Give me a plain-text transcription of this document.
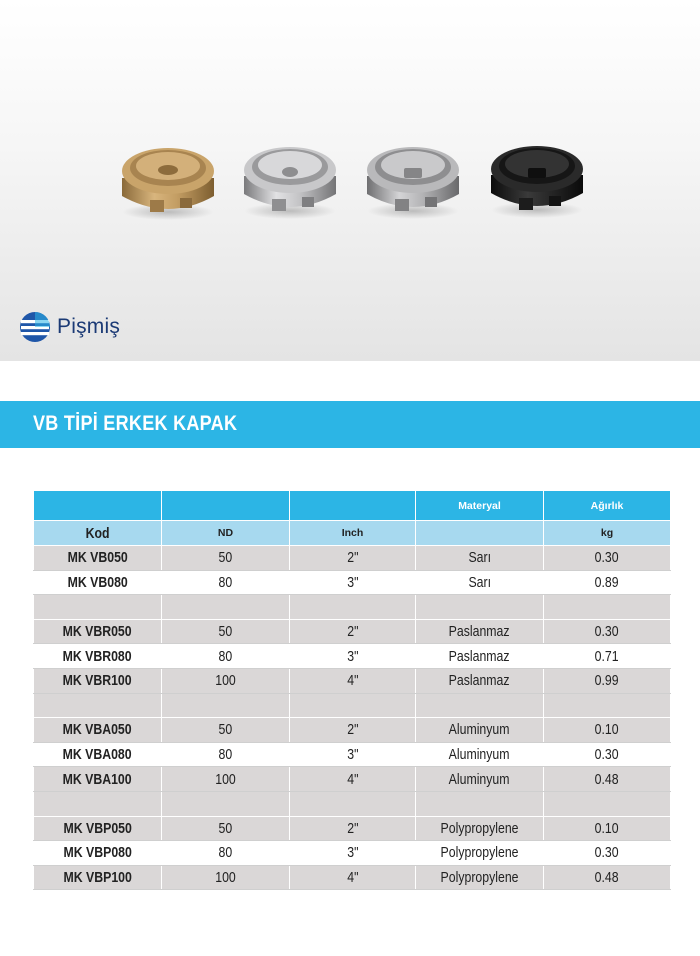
Pişmiş
VB TİPİ ERKEK KAPAK
			Materyal	Ağırlık
Kod	ND	Inch		kg
MK VB050	50	2"	Sarı	0.30
MK VB080	80	3"	Sarı	0.89

MK VBR050	50	2"	Paslanmaz	0.30
MK VBR080	80	3"	Paslanmaz	0.71
MK VBR100	100	4"	Paslanmaz	0.99

MK VBA050	50	2"	Aluminyum	0.10
MK VBA080	80	3"	Aluminyum	0.30
MK VBA100	100	4"	Aluminyum	0.48

MK VBP050	50	2"	Polypropylene	0.10
MK VBP080	80	3"	Polypropylene	0.30
MK VBP100	100	4"	Polypropylene	0.48
